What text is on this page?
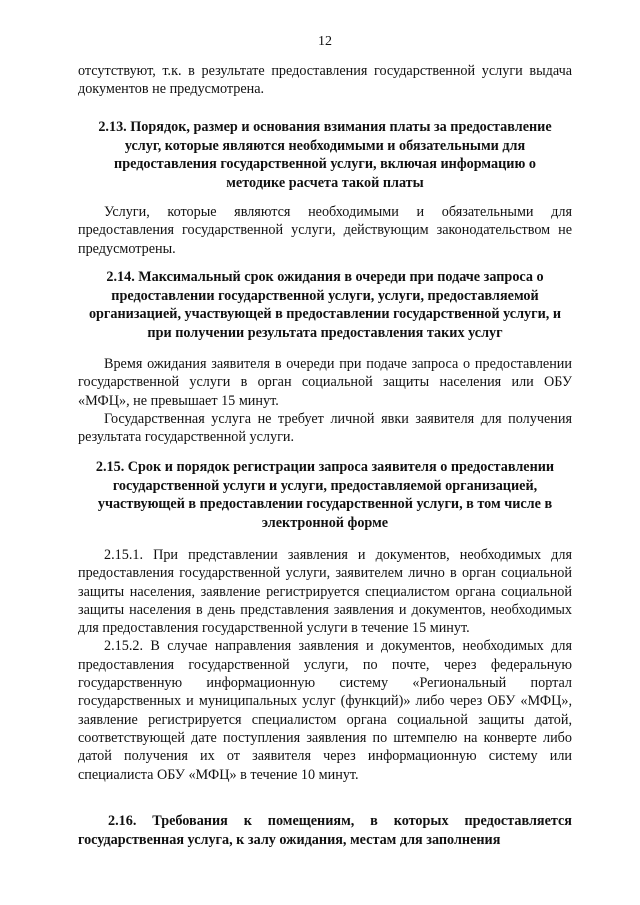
12

отсутствуют, т.к. в результате предоставления государственной услуги выдача документов не предусмотрена.

2.13. Порядок, размер и основания взимания платы за предоставление услуг, которые являются необходимыми и обязательными для предоставления государственной услуги, включая информацию о методике расчета такой платы

Услуги, которые являются необходимыми и обязательными для предоставления государственной услуги, действующим законодательством не предусмотрены.

2.14. Максимальный срок ожидания в очереди при подаче запроса о предоставлении государственной услуги, услуги, предоставляемой организацией, участвующей в предоставлении государственной услуги, и при получении результата предоставления таких услуг

Время ожидания заявителя в очереди при подаче запроса о предоставлении государственной услуги в орган социальной защиты населения или ОБУ «МФЦ», не превышает 15 минут.

Государственная услуга не требует личной явки заявителя для получения результата государственной услуги.

2.15. Срок и порядок регистрации запроса заявителя о предоставлении государственной услуги и услуги, предоставляемой организацией, участвующей в предоставлении государственной услуги, в том числе в электронной форме

2.15.1. При представлении заявления и документов, необходимых для предоставления государственной услуги, заявителем лично в орган социальной защиты населения, заявление регистрируется специалистом органа социальной защиты населения в день представления заявления и документов, необходимых для предоставления государственной услуги в течение 15 минут.

2.15.2. В случае направления заявления и документов, необходимых для предоставления государственной услуги, по почте, через федеральную государственную информационную систему «Региональный портал государственных и муниципальных услуг (функций)» либо через ОБУ «МФЦ», заявление регистрируется специалистом органа социальной защиты датой, соответствующей дате поступления заявления по штемпелю на конверте либо датой получения их от заявителя через информационную систему или специалиста ОБУ «МФЦ» в течение 10 минут.

2.16. Требования к помещениям, в которых предоставляется государственная услуга, к залу ожидания, местам для заполнения
